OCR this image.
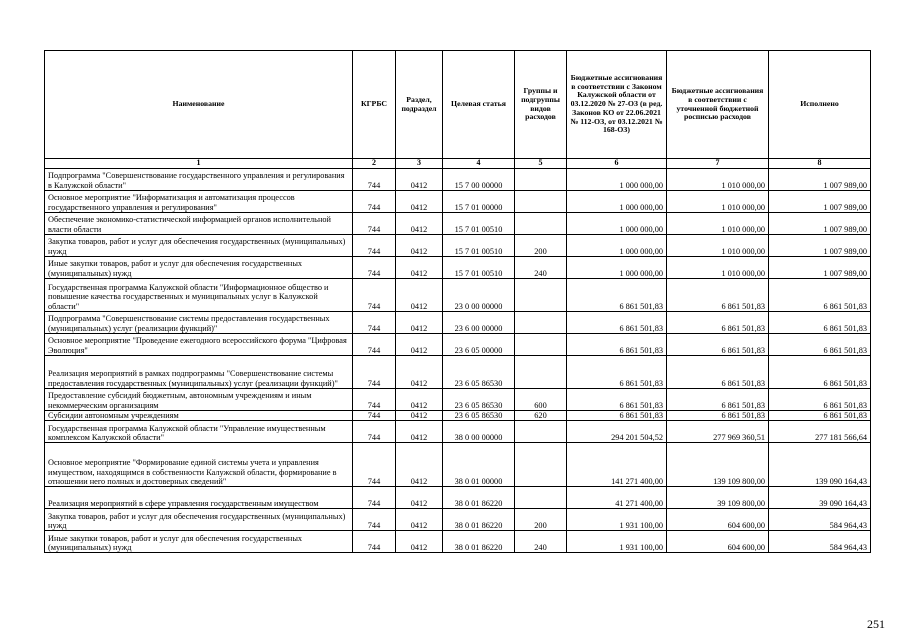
Наименование	КГРБС	Раздел, подраздел	Целевая статья	Группы и подгруппы видов расходов	Бюджетные ассигнования в соответствии с Законом Калужской области от 03.12.2020 № 27-ОЗ (в ред. Законов КО от 22.06.2021 № 112-ОЗ, от 03.12.2021 № 168-ОЗ)	Бюджетные ассигнования в соответствии с уточненной бюджетной росписью расходов	Исполнено
1	2	3	4	5	6	7	8
Подпрограмма "Совершенствование государственного управления и регулирования в Калужской области"	744	0412	15 7 00 00000		1 000 000,00	1 010 000,00	1 007 989,00
Основное мероприятие "Информатизация и автоматизация процессов государственного управления и регулирования"	744	0412	15 7 01 00000		1 000 000,00	1 010 000,00	1 007 989,00
Обеспечение экономико-статистической информацией органов исполнительной власти области	744	0412	15 7 01 00510		1 000 000,00	1 010 000,00	1 007 989,00
Закупка товаров, работ и услуг для обеспечения государственных (муниципальных) нужд	744	0412	15 7 01 00510	200	1 000 000,00	1 010 000,00	1 007 989,00
Иные закупки товаров, работ и услуг для обеспечения государственных (муниципальных) нужд	744	0412	15 7 01 00510	240	1 000 000,00	1 010 000,00	1 007 989,00
Государственная программа Калужской области "Информационное общество и повышение качества государственных и муниципальных услуг в Калужской области"	744	0412	23 0 00 00000		6 861 501,83	6 861 501,83	6 861 501,83
Подпрограмма "Совершенствование системы предоставления государственных (муниципальных) услуг (реализации функций)"	744	0412	23 6 00 00000		6 861 501,83	6 861 501,83	6 861 501,83
Основное мероприятие "Проведение ежегодного всероссийского форума "Цифровая Эволюция"	744	0412	23 6 05 00000		6 861 501,83	6 861 501,83	6 861 501,83
Реализация мероприятий в рамках подпрограммы "Совершенствование системы предоставления государственных (муниципальных) услуг (реализации функций)"	744	0412	23 6 05 86530		6 861 501,83	6 861 501,83	6 861 501,83
Предоставление субсидий бюджетным, автономным учреждениям и иным некоммерческим организациям	744	0412	23 6 05 86530	600	6 861 501,83	6 861 501,83	6 861 501,83
Субсидии автономным учреждениям	744	0412	23 6 05 86530	620	6 861 501,83	6 861 501,83	6 861 501,83
Государственная программа Калужской области "Управление имущественным комплексом Калужской области"	744	0412	38 0 00 00000		294 201 504,52	277 969 360,51	277 181 566,64
Основное мероприятие "Формирование единой системы учета и управления имуществом, находящимся в собственности Калужской области, формирование в отношении него полных и достоверных сведений"	744	0412	38 0 01 00000		141 271 400,00	139 109 800,00	139 090 164,43
Реализация мероприятий в сфере управления государственным имуществом	744	0412	38 0 01 86220		41 271 400,00	39 109 800,00	39 090 164,43
Закупка товаров, работ и услуг для обеспечения государственных (муниципальных) нужд	744	0412	38 0 01 86220	200	1 931 100,00	604 600,00	584 964,43
Иные закупки товаров, работ и услуг для обеспечения государственных (муниципальных) нужд	744	0412	38 0 01 86220	240	1 931 100,00	604 600,00	584 964,43
251
